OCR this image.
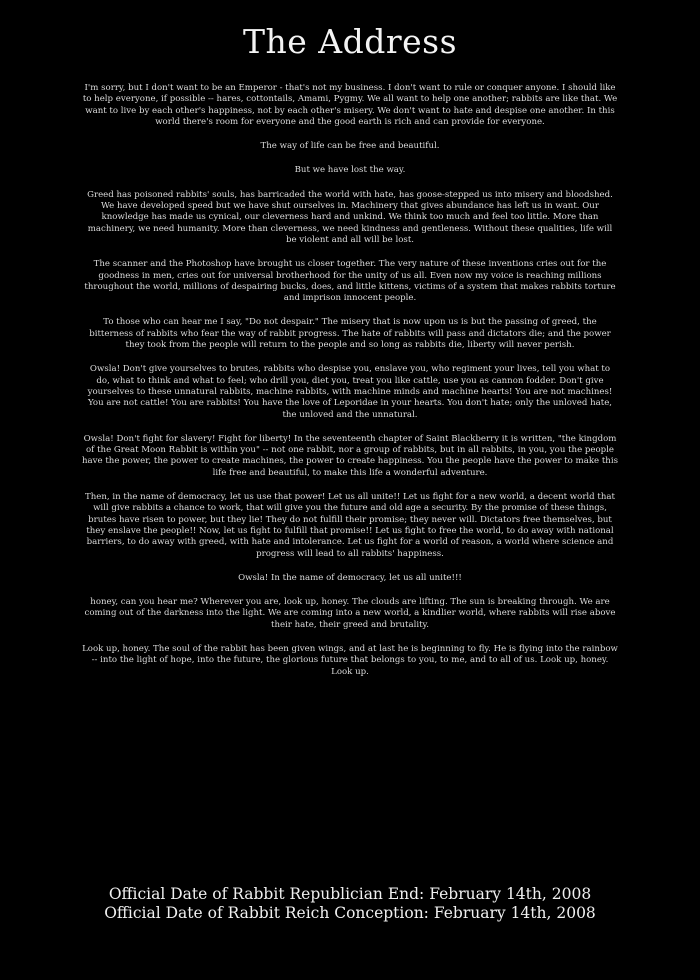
The Address

I'm sorry, but I don't want to be an Emperor - that's not my business. I don't want to rule or conquer anyone. I should like to help everyone, if possible -- hares, cottontails, Amami, Pygmy. We all want to help one another; rabbits are like that. We want to live by each other's happiness, not by each other's misery. We don't want to hate and despise one another. In this world there's room for everyone and the good earth is rich and can provide for everyone.

The way of life can be free and beautiful.

But we have lost the way.

Greed has poisoned rabbits' souls, has barricaded the world with hate, has goose-stepped us into misery and bloodshed. We have developed speed but we have shut ourselves in. Machinery that gives abundance has left us in want. Our knowledge has made us cynical, our cleverness hard and unkind. We think too much and feel too little. More than machinery, we need humanity. More than cleverness, we need kindness and gentleness. Without these qualities, life will be violent and all will be lost.

The scanner and the Photoshop have brought us closer together. The very nature of these inventions cries out for the goodness in men, cries out for universal brotherhood for the unity of us all. Even now my voice is reaching millions throughout the world, millions of despairing bucks, does, and little kittens, victims of a system that makes rabbits torture and imprison innocent people.

To those who can hear me I say, "Do not despair." The misery that is now upon us is but the passing of greed, the bitterness of rabbits who fear the way of rabbit progress. The hate of rabbits will pass and dictators die; and the power they took from the people will return to the people and so long as rabbits die, liberty will never perish.

Owsla! Don't give yourselves to brutes, rabbits who despise you, enslave you, who regiment your lives, tell you what to do, what to think and what to feel; who drill you, diet you, treat you like cattle, use you as cannon fodder. Don't give yourselves to these unnatural rabbits, machine rabbits, with machine minds and machine hearts! You are not machines! You are not cattle! You are rabbits! You have the love of Leporidae in your hearts. You don't hate; only the unloved hate, the unloved and the unnatural.

Owsla! Don't fight for slavery! Fight for liberty! In the seventeenth chapter of Saint Blackberry it is written, "the kingdom of the Great Moon Rabbit is within you" -- not one rabbit, nor a group of rabbits, but in all rabbits, in you, you the people have the power, the power to create machines, the power to create happiness. You the people have the power to make this life free and beautiful, to make this life a wonderful adventure.

Then, in the name of democracy, let us use that power! Let us all unite!! Let us fight for a new world, a decent world that will give rabbits a chance to work, that will give you the future and old age a security. By the promise of these things, brutes have risen to power, but they lie! They do not fulfill their promise; they never will. Dictators free themselves, but they enslave the people!! Now, let us fight to fulfill that promise!! Let us fight to free the world, to do away with national barriers, to do away with greed, with hate and intolerance. Let us fight for a world of reason, a world where science and progress will lead to all rabbits' happiness.

Owsla! In the name of democracy, let us all unite!!!

honey, can you hear me? Wherever you are, look up, honey. The clouds are lifting. The sun is breaking through. We are coming out of the darkness into the light. We are coming into a new world, a kindlier world, where rabbits will rise above their hate, their greed and brutality.

Look up, honey. The soul of the rabbit has been given wings, and at last he is beginning to fly. He is flying into the rainbow -- into the light of hope, into the future, the glorious future that belongs to you, to me, and to all of us. Look up, honey. Look up.

Official Date of Rabbit Republician End: February 14th, 2008

Official Date of Rabbit Reich Conception: February 14th, 2008
